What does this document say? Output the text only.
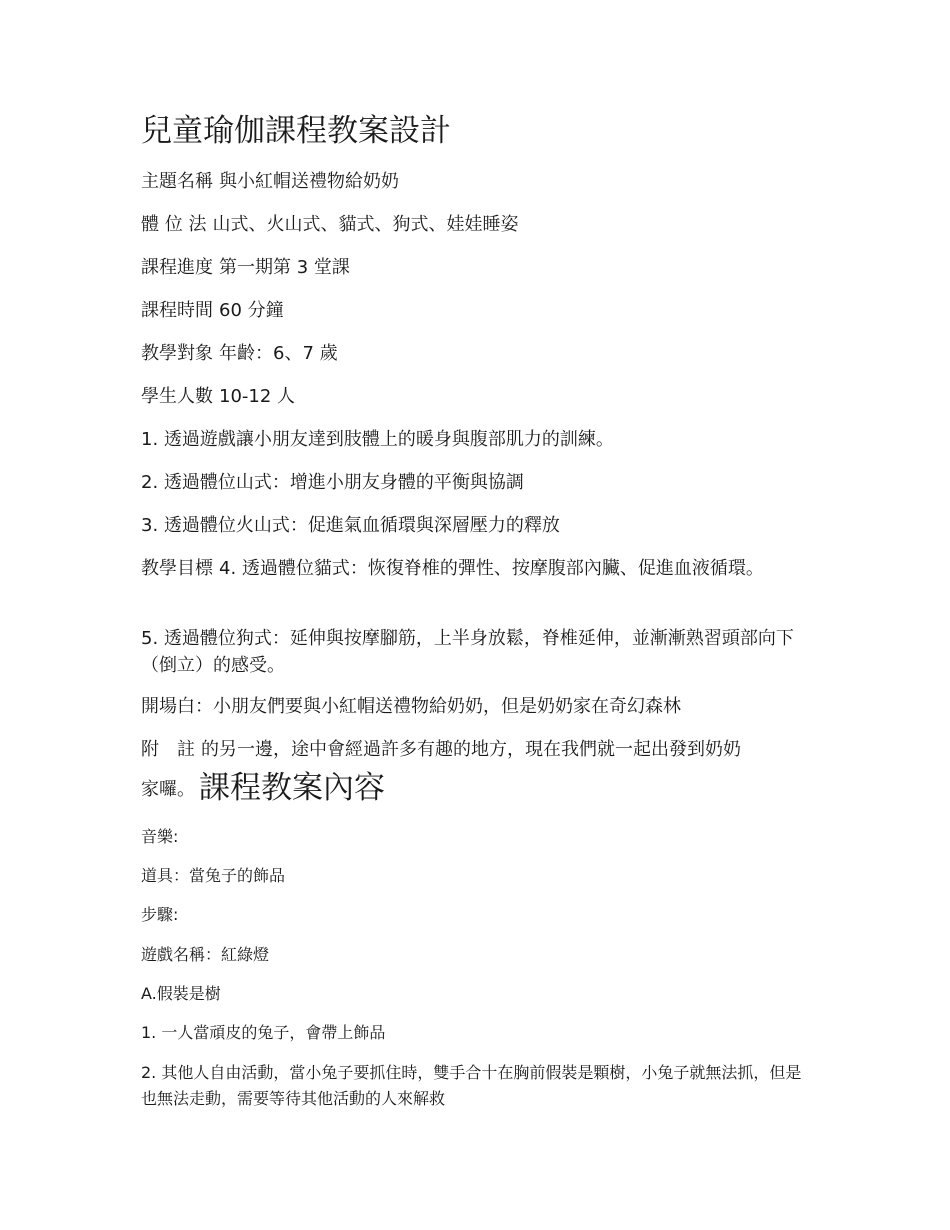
兒童瑜伽課程教案設計
主題名稱 與小紅帽送禮物給奶奶
體 位 法 山式、火山式、貓式、狗式、娃娃睡姿
課程進度 第一期第 3 堂課
課程時間 60 分鐘
教學對象 年齡：6、7 歲
學生人數 10-12 人
1. 透過遊戲讓小朋友達到肢體上的暖身與腹部肌力的訓練。
2. 透過體位山式：增進小朋友身體的平衡與協調
3. 透過體位火山式：促進氣血循環與深層壓力的釋放
教學目標 4. 透過體位貓式：恢復脊椎的彈性、按摩腹部內臟、促進血液循環。
5. 透過體位狗式：延伸與按摩腳筋，上半身放鬆，脊椎延伸，並漸漸熟習頭部向下（倒立）的感受。
開場白：小朋友們要與小紅帽送禮物給奶奶，但是奶奶家在奇幻森林
附　註 的另一邊，途中會經過許多有趣的地方，現在我們就一起出發到奶奶
家囉。 課程教案內容
音樂:
道具：當兔子的飾品
步驟:
遊戲名稱：紅綠燈
A.假裝是樹
1. 一人當頑皮的兔子，會帶上飾品
2. 其他人自由活動，當小兔子要抓住時，雙手合十在胸前假裝是顆樹，小兔子就無法抓，但是也無法走動，需要等待其他活動的人來解救
